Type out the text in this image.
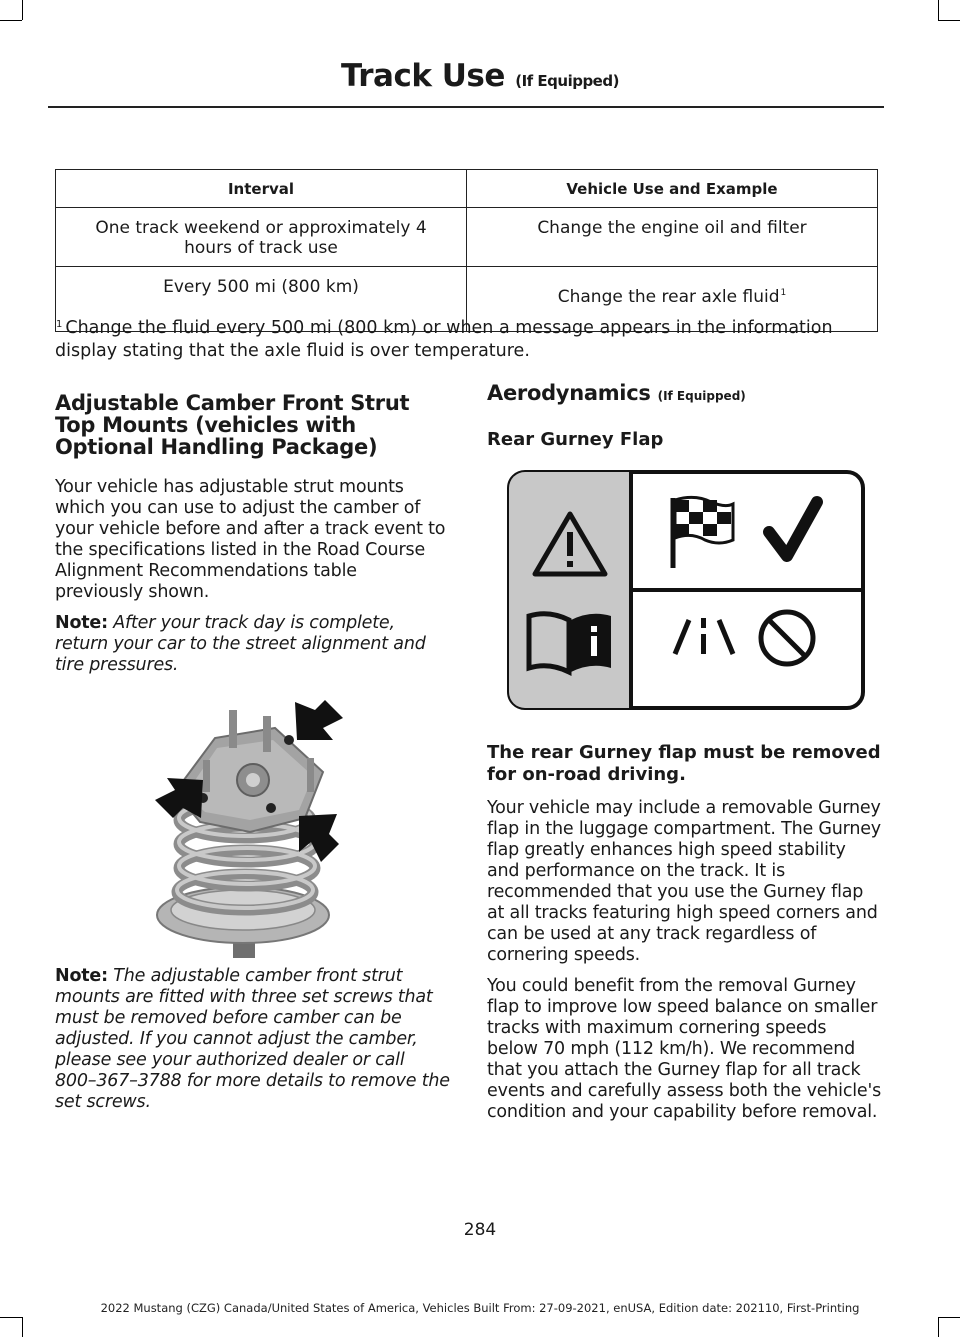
Track Use (If Equipped)
Interval	Vehicle Use and Example
One track weekend or approximately 4 hours of track use	Change the engine oil and filter
Every 500 mi (800 km)	Change the rear axle fluid$^1$
$^1$ Change the fluid every 500 mi (800 km) or when a message appears in the information display stating that the axle fluid is over temperature.
Adjustable Camber Front Strut Top Mounts (vehicles with Optional Handling Package)

Your vehicle has adjustable strut mounts which you can use to adjust the camber of your vehicle before and after a track event to the specifications listed in the Road Course Alignment Recommendations table previously shown.

Note: After your track day is complete, return your car to the street alignment and tire pressures.

Note: The adjustable camber front strut mounts are fitted with three set screws that must be removed before camber can be adjusted. If you cannot adjust the camber, please see your authorized dealer or call 800–367–3788 for more details to remove the set screws.

Aerodynamics (If Equipped)
Rear Gurney Flap
The rear Gurney flap must be removed for on-road driving.

Your vehicle may include a removable Gurney flap in the luggage compartment. The Gurney flap greatly enhances high speed stability and performance on the track. It is recommended that you use the Gurney flap at all tracks featuring high speed corners and can be used at any track regardless of cornering speeds.

You could benefit from the removal Gurney flap to improve low speed balance on smaller tracks with maximum cornering speeds below 70 mph (112 km/h). We recommend that you attach the Gurney flap for all track events and carefully assess both the vehicle's condition and your capability before removal.

284
2022 Mustang (CZG) Canada/United States of America, Vehicles Built From: 27-09-2021, enUSA, Edition date: 202110, First-Printing
